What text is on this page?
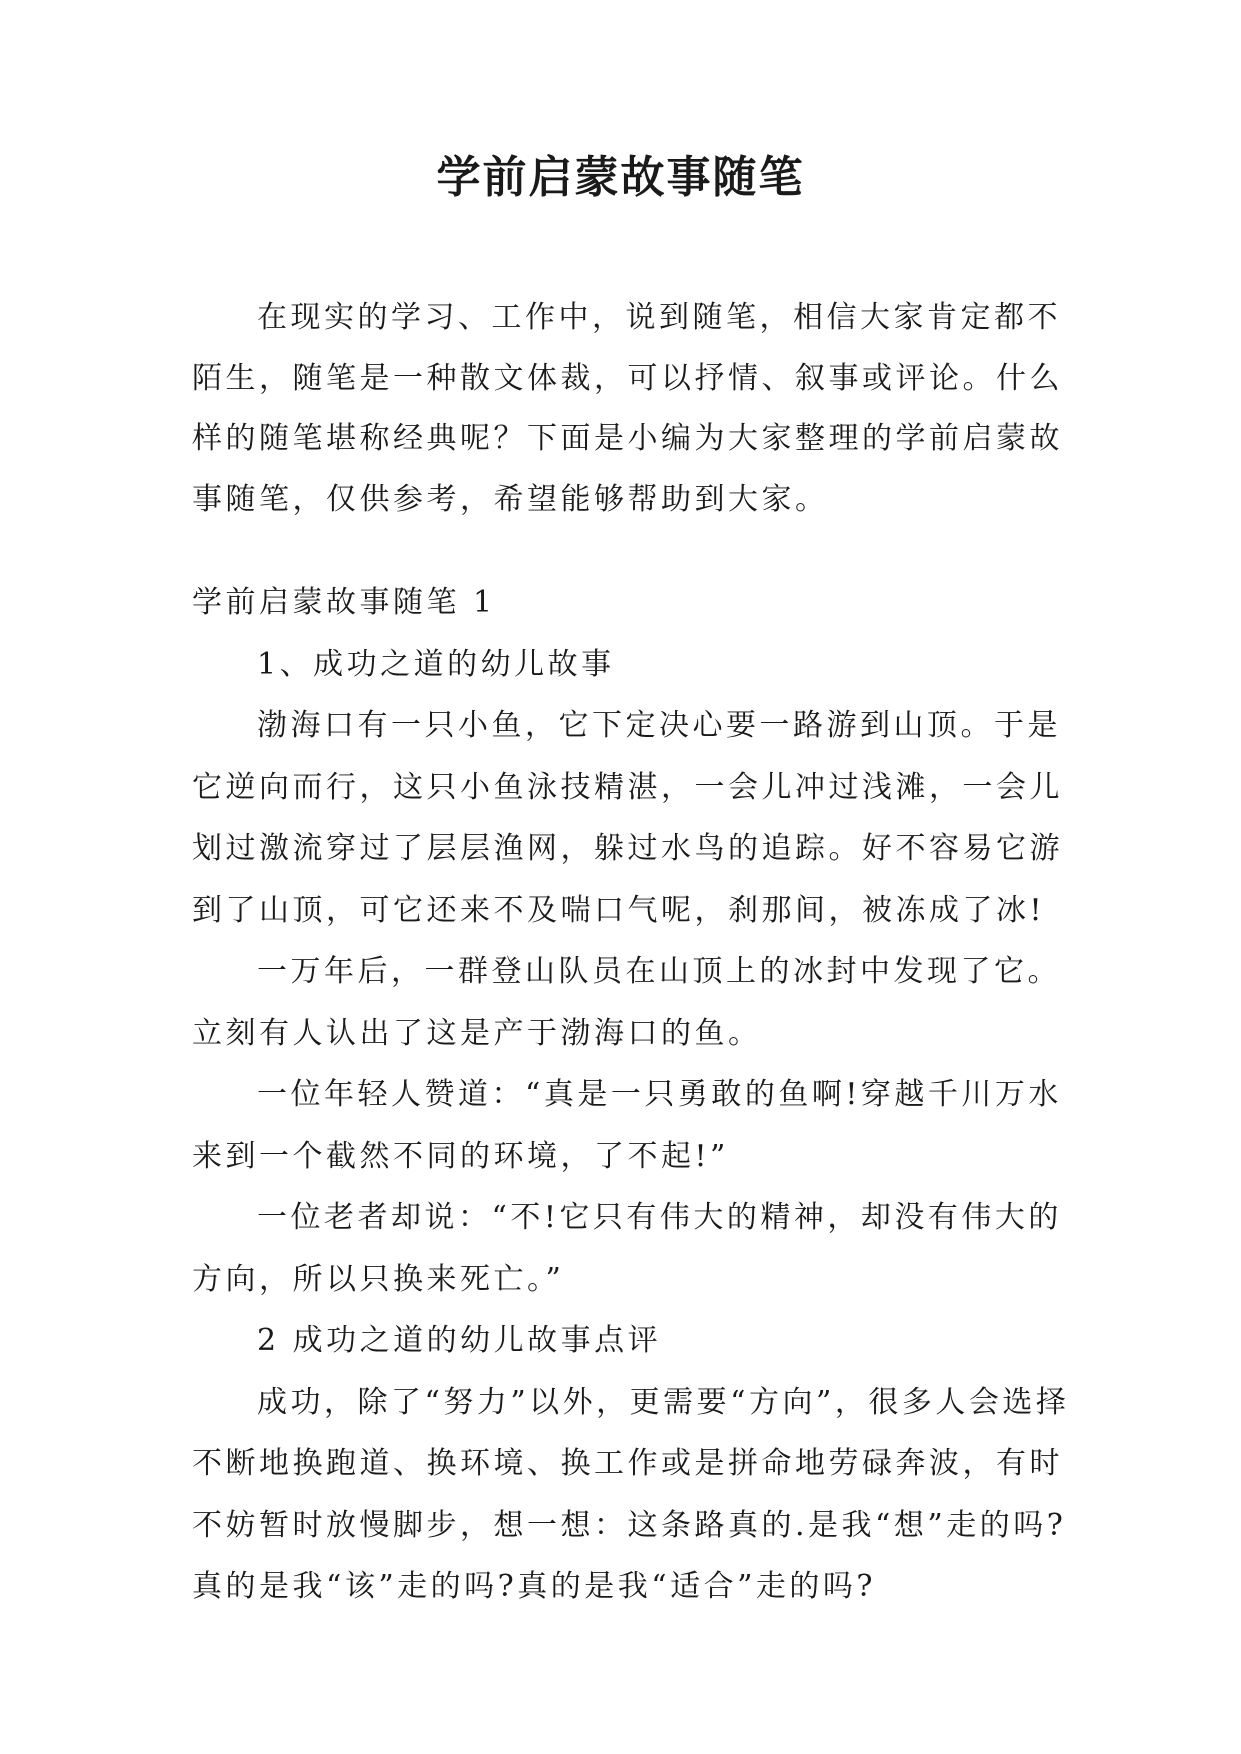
学前启蒙故事随笔

在现实的学习、工作中，说到随笔，相信大家肯定都不陌生，随笔是一种散文体裁，可以抒情、叙事或评论。什么样的随笔堪称经典呢？下面是小编为大家整理的学前启蒙故事随笔，仅供参考，希望能够帮助到大家。

学前启蒙故事随笔 1

1、成功之道的幼儿故事

渤海口有一只小鱼，它下定决心要一路游到山顶。于是它逆向而行，这只小鱼泳技精湛，一会儿冲过浅滩，一会儿划过激流穿过了层层渔网，躲过水鸟的追踪。好不容易它游到了山顶，可它还来不及喘口气呢，刹那间，被冻成了冰!

一万年后，一群登山队员在山顶上的冰封中发现了它。立刻有人认出了这是产于渤海口的鱼。

一位年轻人赞道：“真是一只勇敢的鱼啊!穿越千川万水来到一个截然不同的环境，了不起!”

一位老者却说：“不!它只有伟大的精神，却没有伟大的方向，所以只换来死亡。”

2 成功之道的幼儿故事点评

成功，除了“努力”以外，更需要“方向”，很多人会选择不断地换跑道、换环境、换工作或是拼命地劳碌奔波，有时不妨暂时放慢脚步，想一想：这条路真的.是我“想”走的吗?真的是我“该”走的吗?真的是我“适合”走的吗?
